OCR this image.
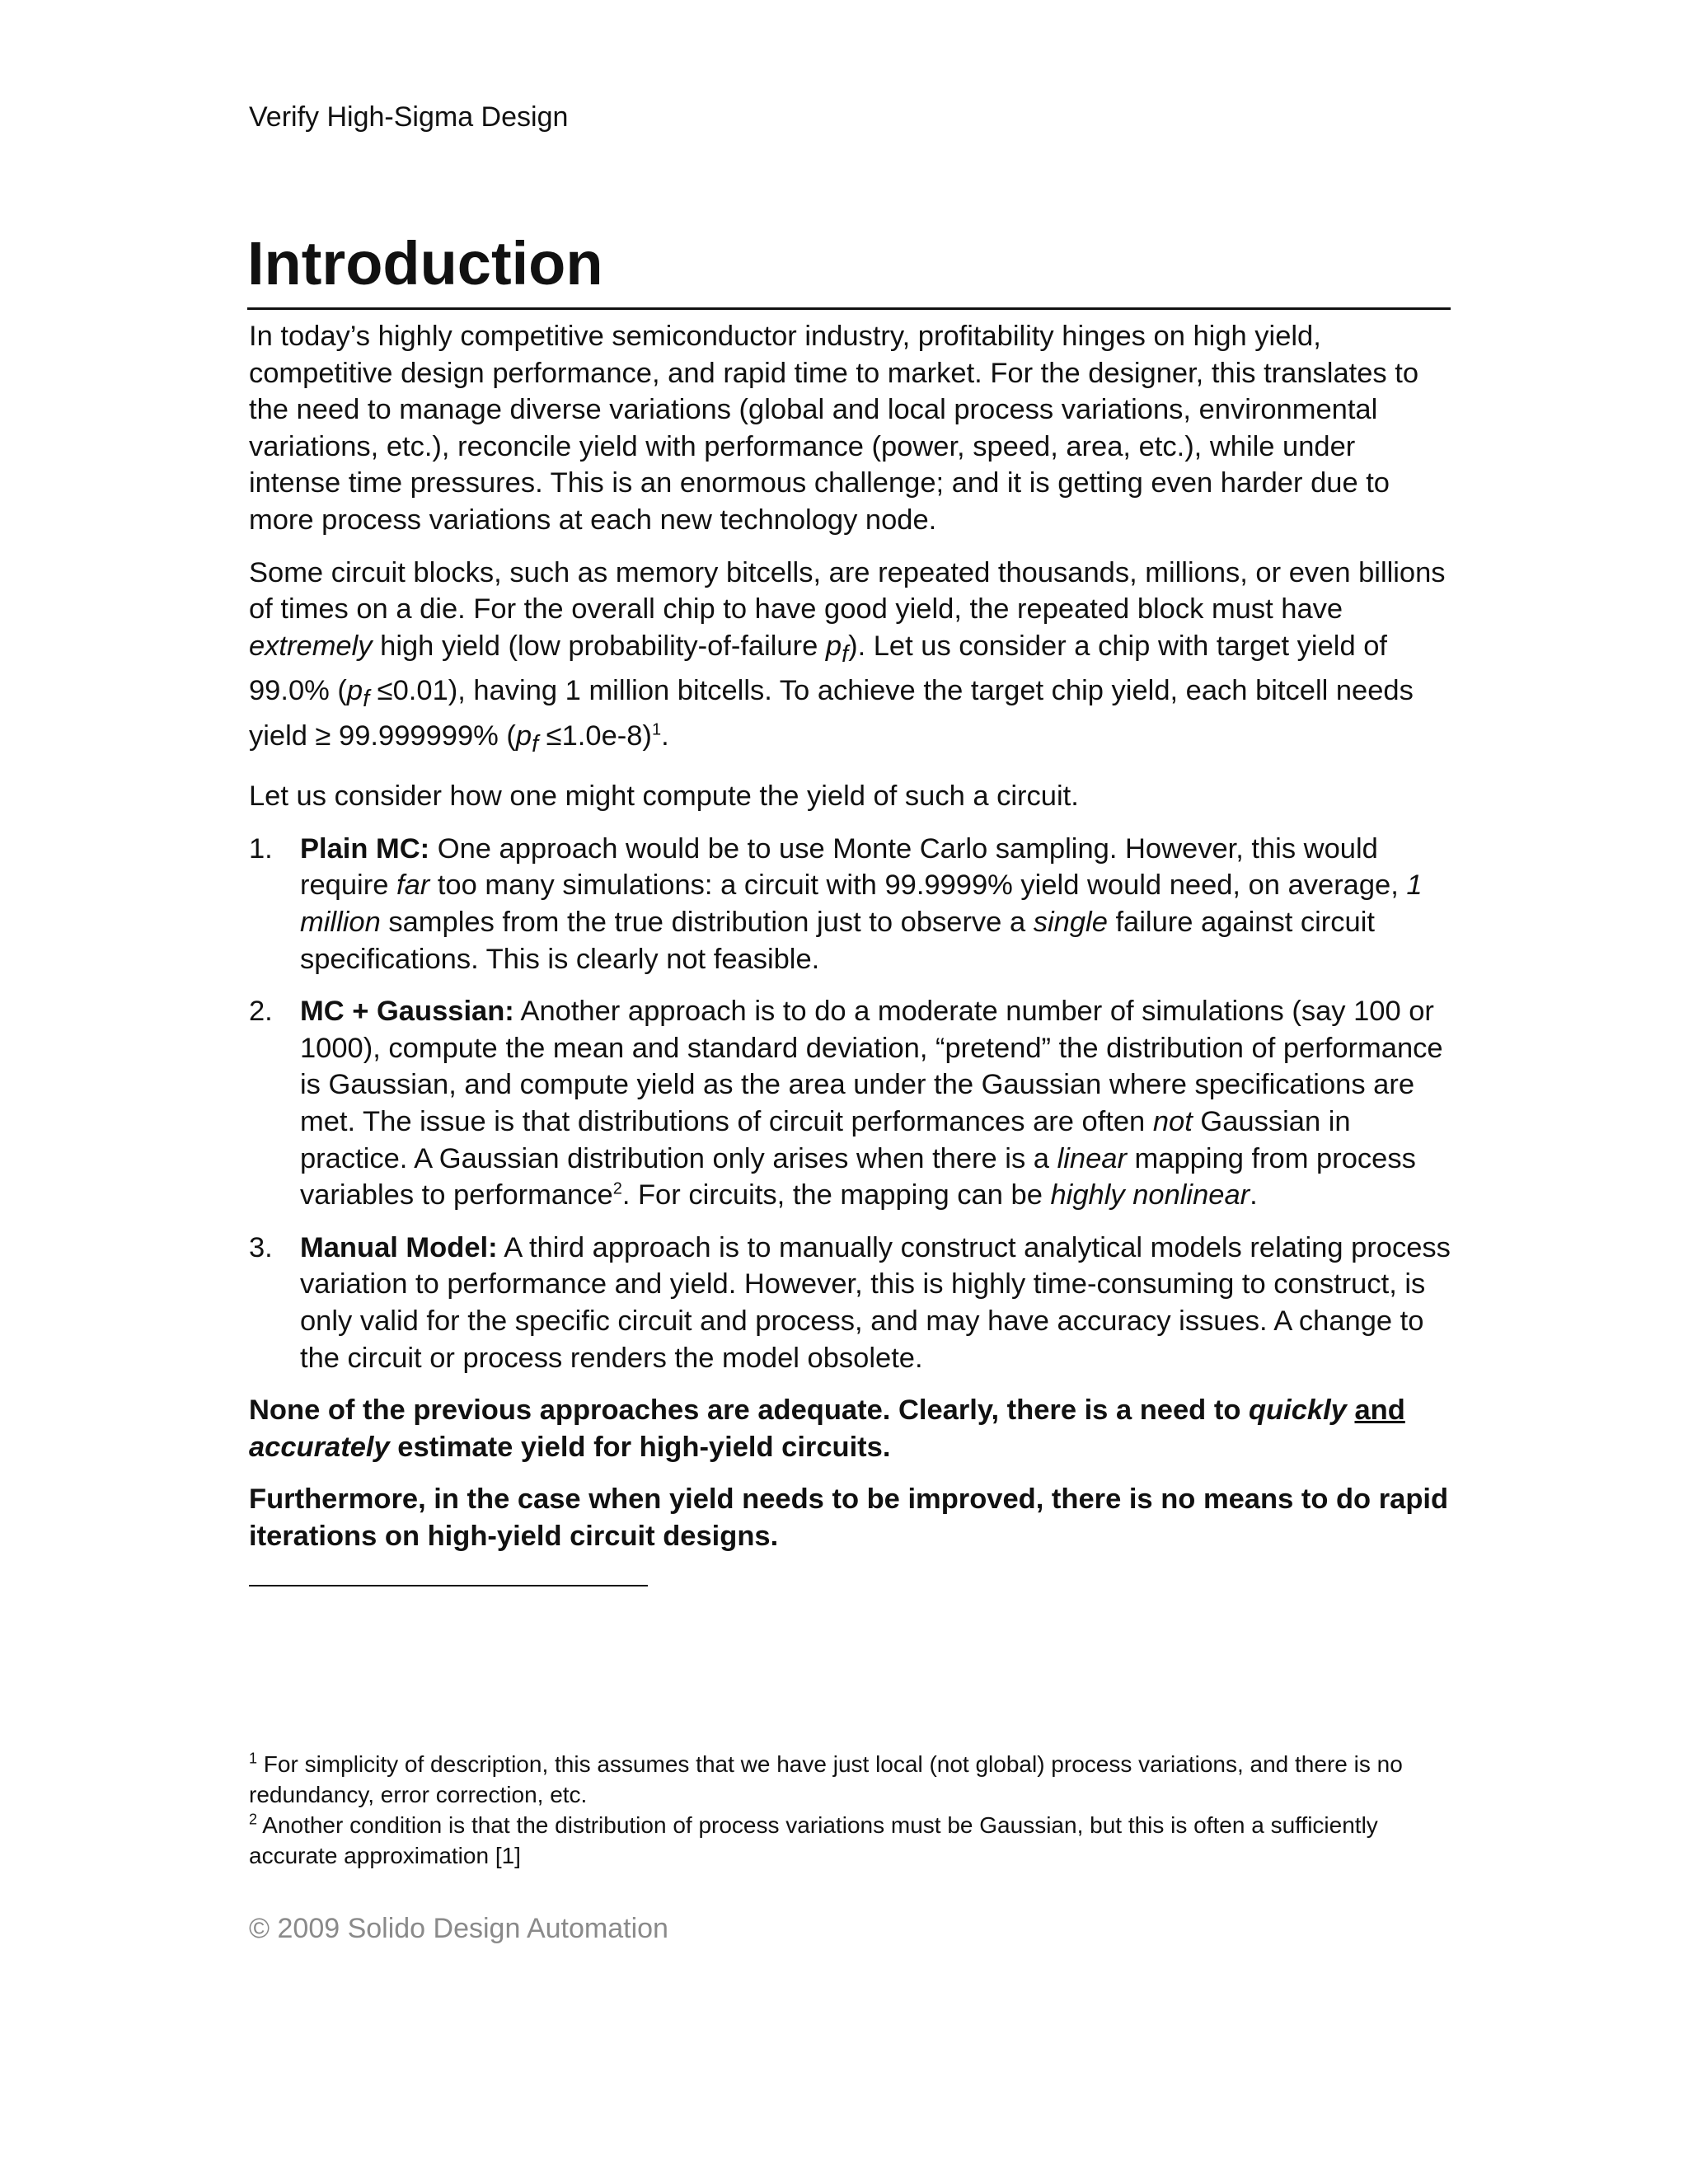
Verify High-Sigma Design
Introduction

In today’s highly competitive semiconductor industry, profitability hinges on high yield, competitive design performance, and rapid time to market. For the designer, this translates to the need to manage diverse variations (global and local process variations, environmental variations, etc.), reconcile yield with performance (power, speed, area, etc.), while under intense time pressures. This is an enormous challenge; and it is getting even harder due to more process variations at each new technology node.

Some circuit blocks, such as memory bitcells, are repeated thousands, millions, or even billions of times on a die. For the overall chip to have good yield, the repeated block must have extremely high yield (low probability-of-failure $p_f$). Let us consider a chip with target yield of 99.0% $(p_f \le 0.01)$, having 1 million bitcells. To achieve the target chip yield, each bitcell needs yield ≥ 99.999999% $(p_f \le 1.0e-8)^1$.

Let us consider how one might compute the yield of such a circuit.

1. Plain MC: One approach would be to use Monte Carlo sampling. However, this would require far too many simulations: a circuit with 99.9999% yield would need, on average, 1 million samples from the true distribution just to observe a single failure against circuit specifications. This is clearly not feasible.
2. MC + Gaussian: Another approach is to do a moderate number of simulations (say 100 or 1000), compute the mean and standard deviation, “pretend” the distribution of performance is Gaussian, and compute yield as the area under the Gaussian where specifications are met. The issue is that distributions of circuit performances are often not Gaussian in practice. A Gaussian distribution only arises when there is a linear mapping from process variables to performance$^2$. For circuits, the mapping can be highly nonlinear.
3. Manual Model: A third approach is to manually construct analytical models relating process variation to performance and yield. However, this is highly time-consuming to construct, is only valid for the specific circuit and process, and may have accuracy issues. A change to the circuit or process renders the model obsolete.

None of the previous approaches are adequate. Clearly, there is a need to quickly and accurately estimate yield for high-yield circuits.

Furthermore, in the case when yield needs to be improved, there is no means to do rapid iterations on high-yield circuit designs.

$^1$ For simplicity of description, this assumes that we have just local (not global) process variations, and there is no redundancy, error correction, etc.

$^2$ Another condition is that the distribution of process variations must be Gaussian, but this is often a sufficiently accurate approximation [1]

© 2009 Solido Design Automation
